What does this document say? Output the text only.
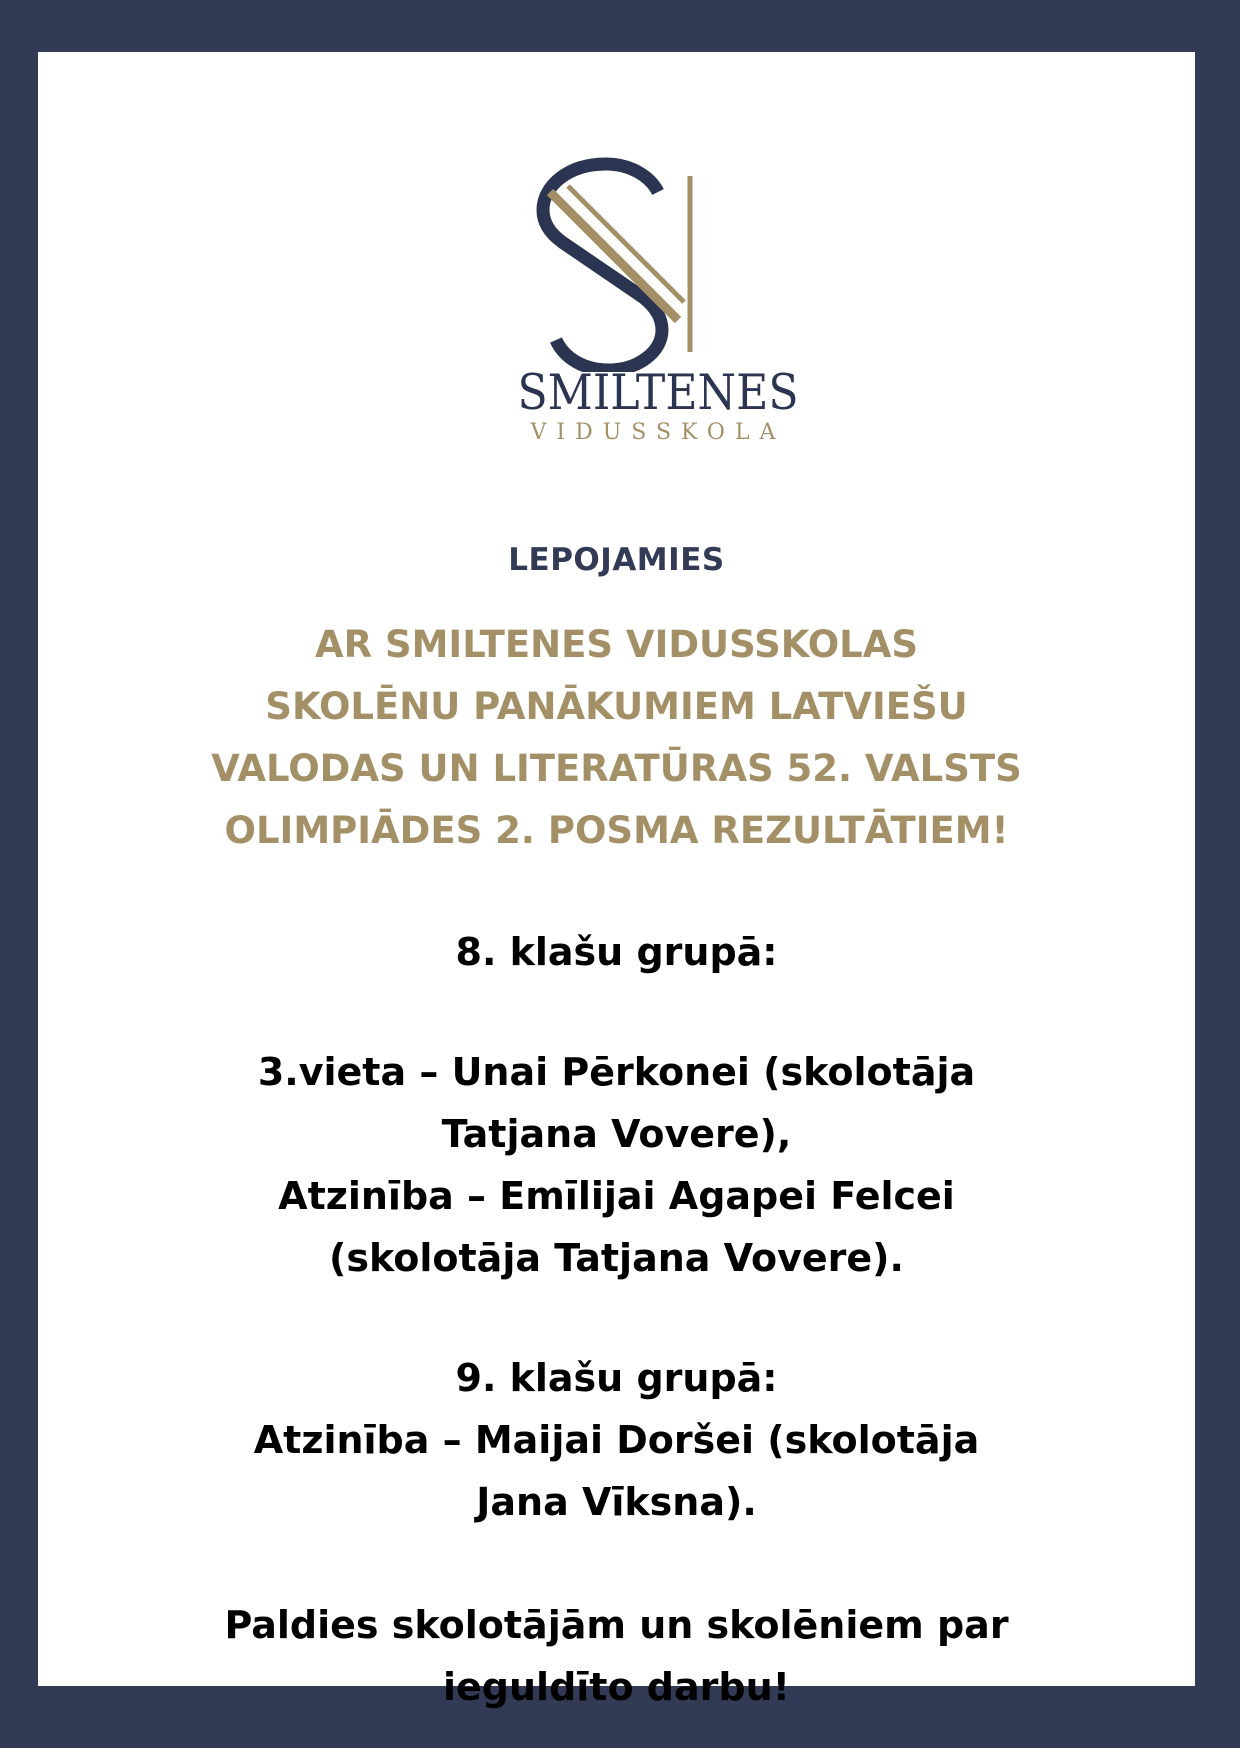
SMILTENES
VIDUSSKOLA
LEPOJAMIES
AR SMILTENES VIDUSSKOLAS
SKOLĒNU PANĀKUMIEM LATVIEŠU
VALODAS UN LITERATŪRAS 52. VALSTS
OLIMPIĀDES 2. POSMA REZULTĀTIEM!
8. klašu grupā:
3.vieta – Unai Pērkonei (skolotāja
Tatjana Vovere),
Atzinība – Emīlijai Agapei Felcei
(skolotāja Tatjana Vovere).
9. klašu grupā:
Atzinība – Maijai Doršei (skolotāja
Jana Vīksna).
Paldies skolotājām un skolēniem par
ieguldīto darbu!
